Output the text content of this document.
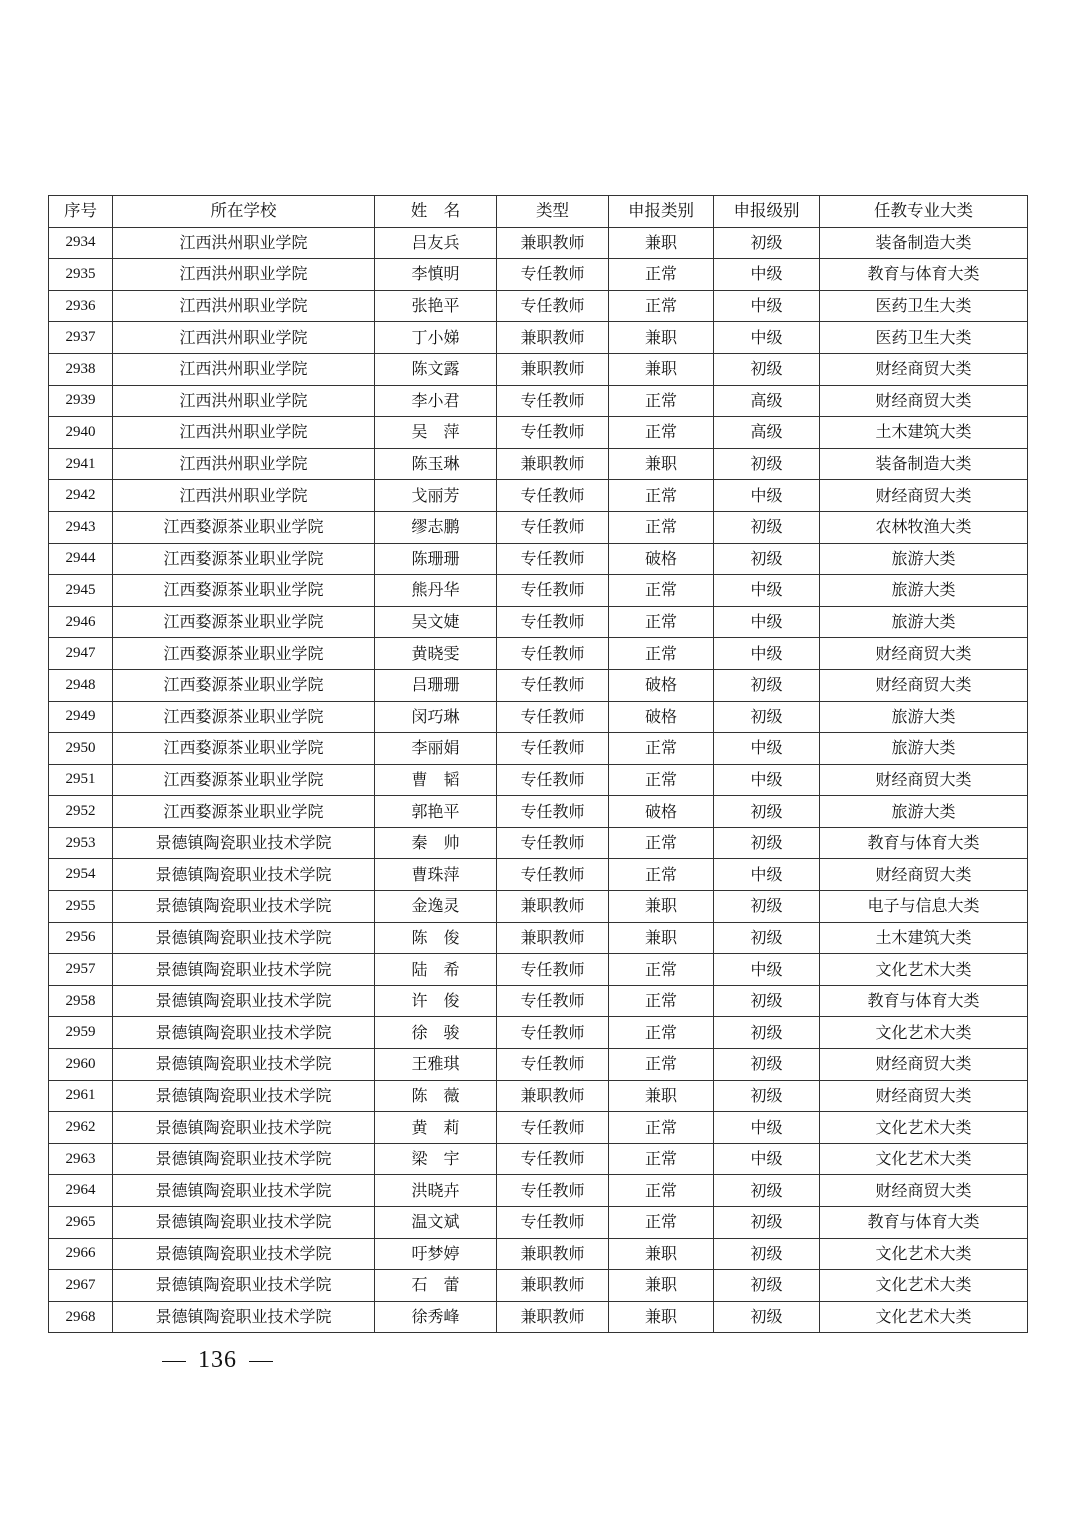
序号	所在学校	姓　名	类型	申报类别	申报级别	任教专业大类
2934	江西洪州职业学院	吕友兵	兼职教师	兼职	初级	装备制造大类
2935	江西洪州职业学院	李慎明	专任教师	正常	中级	教育与体育大类
2936	江西洪州职业学院	张艳平	专任教师	正常	中级	医药卫生大类
2937	江西洪州职业学院	丁小娣	兼职教师	兼职	中级	医药卫生大类
2938	江西洪州职业学院	陈文露	兼职教师	兼职	初级	财经商贸大类
2939	江西洪州职业学院	李小君	专任教师	正常	高级	财经商贸大类
2940	江西洪州职业学院	吴　萍	专任教师	正常	高级	土木建筑大类
2941	江西洪州职业学院	陈玉琳	兼职教师	兼职	初级	装备制造大类
2942	江西洪州职业学院	戈丽芳	专任教师	正常	中级	财经商贸大类
2943	江西婺源茶业职业学院	缪志鹏	专任教师	正常	初级	农林牧渔大类
2944	江西婺源茶业职业学院	陈珊珊	专任教师	破格	初级	旅游大类
2945	江西婺源茶业职业学院	熊丹华	专任教师	正常	中级	旅游大类
2946	江西婺源茶业职业学院	吴文婕	专任教师	正常	中级	旅游大类
2947	江西婺源茶业职业学院	黄晓雯	专任教师	正常	中级	财经商贸大类
2948	江西婺源茶业职业学院	吕珊珊	专任教师	破格	初级	财经商贸大类
2949	江西婺源茶业职业学院	闵巧琳	专任教师	破格	初级	旅游大类
2950	江西婺源茶业职业学院	李丽娟	专任教师	正常	中级	旅游大类
2951	江西婺源茶业职业学院	曹　韬	专任教师	正常	中级	财经商贸大类
2952	江西婺源茶业职业学院	郭艳平	专任教师	破格	初级	旅游大类
2953	景德镇陶瓷职业技术学院	秦　帅	专任教师	正常	初级	教育与体育大类
2954	景德镇陶瓷职业技术学院	曹珠萍	专任教师	正常	中级	财经商贸大类
2955	景德镇陶瓷职业技术学院	金逸灵	兼职教师	兼职	初级	电子与信息大类
2956	景德镇陶瓷职业技术学院	陈　俊	兼职教师	兼职	初级	土木建筑大类
2957	景德镇陶瓷职业技术学院	陆　希	专任教师	正常	中级	文化艺术大类
2958	景德镇陶瓷职业技术学院	许　俊	专任教师	正常	初级	教育与体育大类
2959	景德镇陶瓷职业技术学院	徐　骏	专任教师	正常	初级	文化艺术大类
2960	景德镇陶瓷职业技术学院	王雅琪	专任教师	正常	初级	财经商贸大类
2961	景德镇陶瓷职业技术学院	陈　薇	兼职教师	兼职	初级	财经商贸大类
2962	景德镇陶瓷职业技术学院	黄　莉	专任教师	正常	中级	文化艺术大类
2963	景德镇陶瓷职业技术学院	梁　宇	专任教师	正常	中级	文化艺术大类
2964	景德镇陶瓷职业技术学院	洪晓卉	专任教师	正常	初级	财经商贸大类
2965	景德镇陶瓷职业技术学院	温文斌	专任教师	正常	初级	教育与体育大类
2966	景德镇陶瓷职业技术学院	吁梦婷	兼职教师	兼职	初级	文化艺术大类
2967	景德镇陶瓷职业技术学院	石　蕾	兼职教师	兼职	初级	文化艺术大类
2968	景德镇陶瓷职业技术学院	徐秀峰	兼职教师	兼职	初级	文化艺术大类
136
